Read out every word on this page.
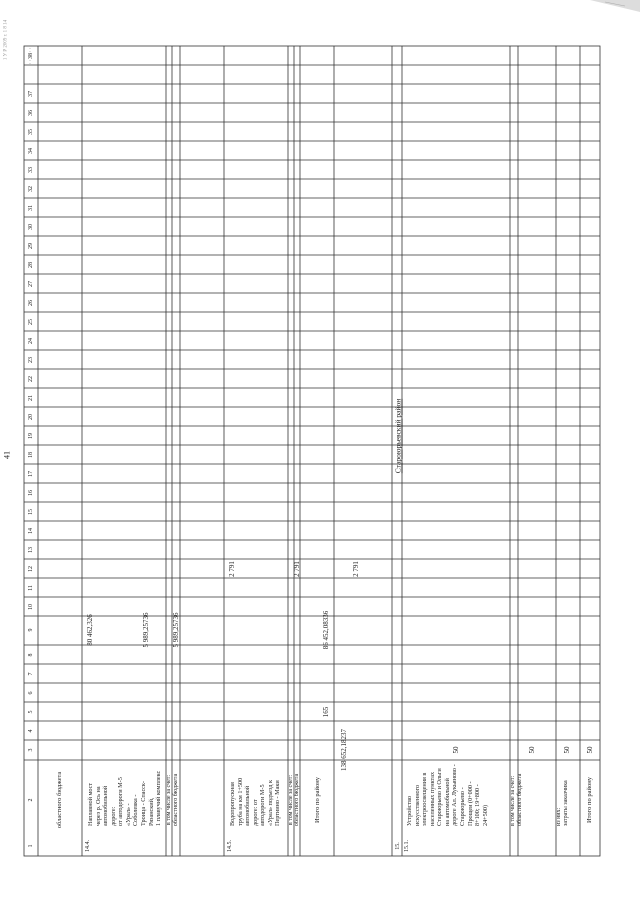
41
1 У Р 2009 г. 1 8 14
1
2
3
4
5
6
7
8
9
10
11
12
13
14
15
16
17
18
19
20
21
22
23
24
25
26
27
28
29
30
31
32
33
34
35
36
37
38
областного бюджета
14.4.
Наплавной мост через р. Ось на автомобильной дороге: от автодороги М-5 «Урал» - Соболевка - Троица - Спасск- Рязанский, 1 плавучий комплекс
80 462,326	5 989,25736
в том числе за счет: областного бюджета
5 989,25736
14.5.
Водопропускная труба на км 1+500 автомобильной дороге: от автодороги М-5 «Урал» подъезд к Пертиино - Маки
2 791
в том числе за счет: областного бюджета
2 791
Итого по району
138 652,18237
165
86 452,08336
2 791
Староюрьевский район
15. 15.1.
Устройство искусственного электроосвещения в населенных пунктах Староюрьево и Ольги на автомобильной дороге Ал. Лукьяново - Староюрьево - Прощеи (0+000 - 8+100; 19+800 - 24+500)
50
в том числе за счет: областного бюджета
50
из них: затраты заказчика
50
Итого по району
50
